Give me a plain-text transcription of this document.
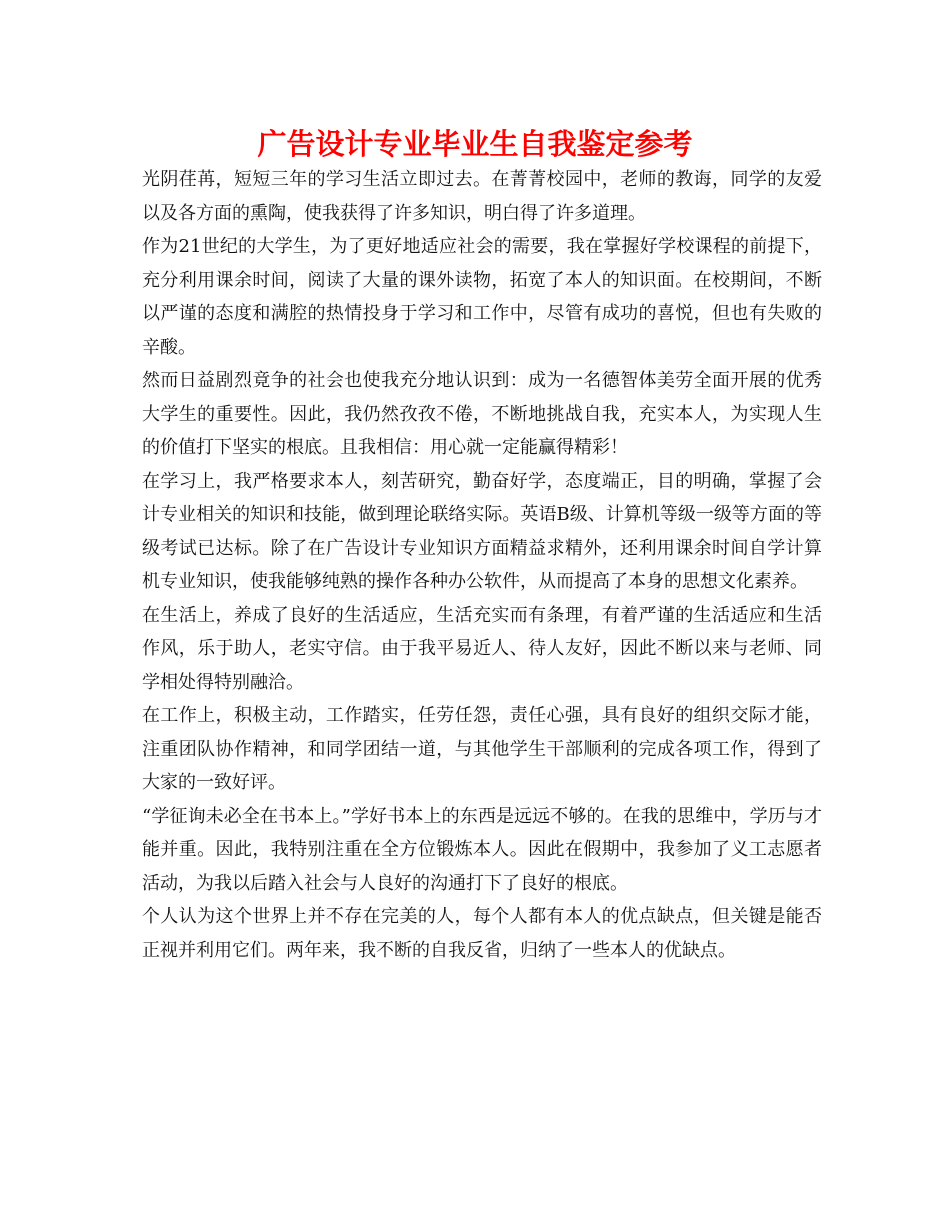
广告设计专业毕业生自我鉴定参考

光阴荏苒，短短三年的学习生活立即过去。在菁菁校园中，老师的教诲，同学的友爱以及各方面的熏陶，使我获得了许多知识，明白得了许多道理。

作为21世纪的大学生，为了更好地适应社会的需要，我在掌握好学校课程的前提下，充分利用课余时间，阅读了大量的课外读物，拓宽了本人的知识面。在校期间，不断以严谨的态度和满腔的热情投身于学习和工作中，尽管有成功的喜悦，但也有失败的辛酸。

然而日益剧烈竟争的社会也使我充分地认识到：成为一名德智体美劳全面开展的优秀大学生的重要性。因此，我仍然孜孜不倦，不断地挑战自我，充实本人，为实现人生的价值打下坚实的根底。且我相信：用心就一定能赢得精彩！

在学习上，我严格要求本人，刻苦研究，勤奋好学，态度端正，目的明确，掌握了会计专业相关的知识和技能，做到理论联络实际。英语B级、计算机等级一级等方面的等级考试已达标。除了在广告设计专业知识方面精益求精外，还利用课余时间自学计算机专业知识，使我能够纯熟的操作各种办公软件，从而提高了本身的思想文化素养。

在生活上，养成了良好的生活适应，生活充实而有条理，有着严谨的生活适应和生活作风，乐于助人，老实守信。由于我平易近人、待人友好，因此不断以来与老师、同学相处得特别融洽。

在工作上，积极主动，工作踏实，任劳任怨，责任心强，具有良好的组织交际才能，注重团队协作精神，和同学团结一道，与其他学生干部顺利的完成各项工作，得到了大家的一致好评。

“学征询未必全在书本上。”学好书本上的东西是远远不够的。在我的思维中，学历与才能并重。因此，我特别注重在全方位锻炼本人。因此在假期中，我参加了义工志愿者活动，为我以后踏入社会与人良好的沟通打下了良好的根底。

个人认为这个世界上并不存在完美的人，每个人都有本人的优点缺点，但关键是能否正视并利用它们。两年来，我不断的自我反省，归纳了一些本人的优缺点。
